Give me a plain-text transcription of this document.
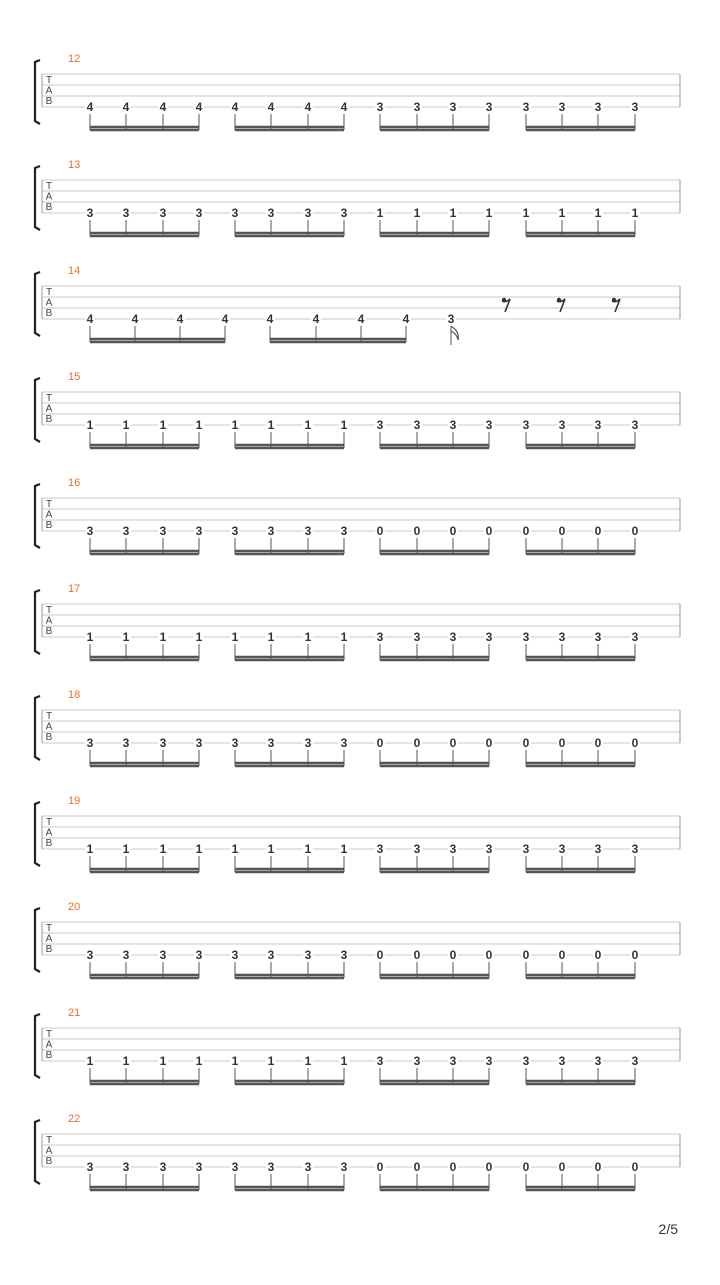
12
T
A
B	4 4	4 4 4 4	4 4 3	3 3 3	3 3 3	3
13
T
A
B	3 3	3 3 3 3	3 3 1	1 1 1	1 1 1	1
14
T
A
B	4	4	4	4	4	4	4	4	3
15
T
A
B	1 1	1 1 1 1	1 1 3	3 3 3	3 3 3	3
16
T
A
B	3 3	3 3 3 3	3 3 0	0 0 0	0 0 0	0
17
T
A
B	1 1	1 1 1 1	1 1 3	3 3 3	3 3 3	3
18
T
A
B	3 3	3 3 3 3	3 3 0	0 0 0	0 0 0	0
19
T
A
B	1 1	1 1 1 1	1 1 3	3 3 3	3 3 3	3
20
T
A
B	3 3	3 3 3 3	3 3 0	0 0 0	0 0 0	0
21
T
A
B	1 1	1 1 1 1	1 1 3	3 3 3	3 3 3	3
22
T
A
B	3 3	3 3 3 3	3 3 0	0 0 0	0 0 0	0
2/5
